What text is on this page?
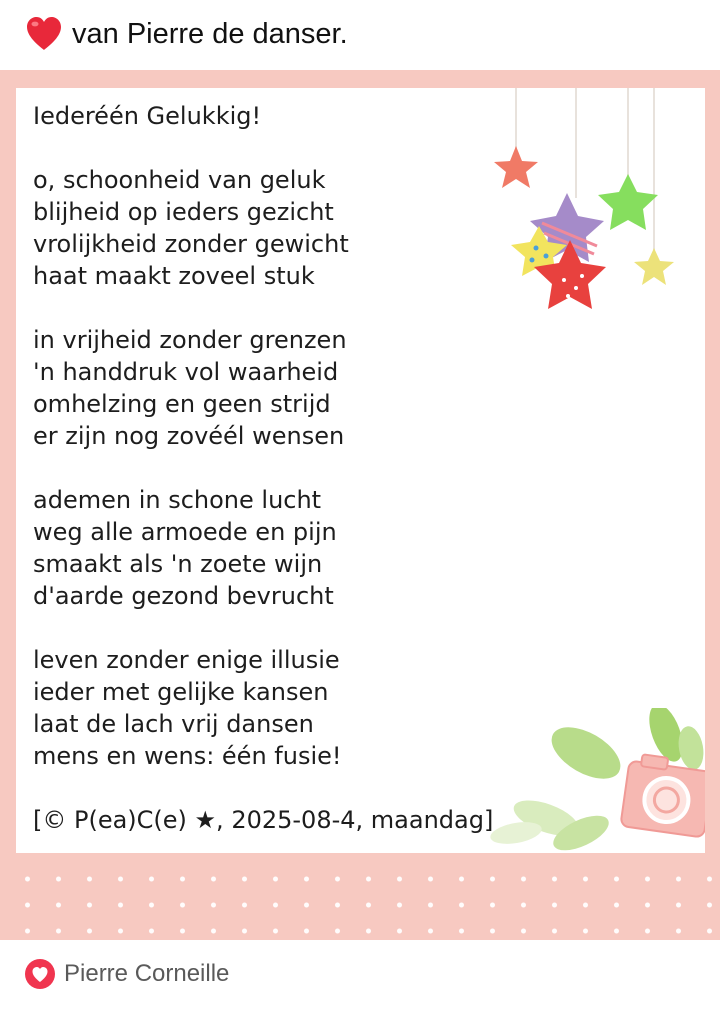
van Pierre de danser.
Iederéén Gelukkig!
o, schoonheid van geluk
blijheid op ieders gezicht
vrolijkheid zonder gewicht
haat maakt zoveel stuk
in vrijheid zonder grenzen
'n handdruk vol waarheid
omhelzing en geen strijd
er zijn nog zovéél wensen
ademen in schone lucht
weg alle armoede en pijn
smaakt als 'n zoete wijn
d'aarde gezond bevrucht
leven zonder enige illusie
ieder met gelijke kansen
laat de lach vrij dansen
mens en wens: één fusie!
[© P(ea)C(e) ★, 2025-08-4, maandag]
Pierre Corneille
